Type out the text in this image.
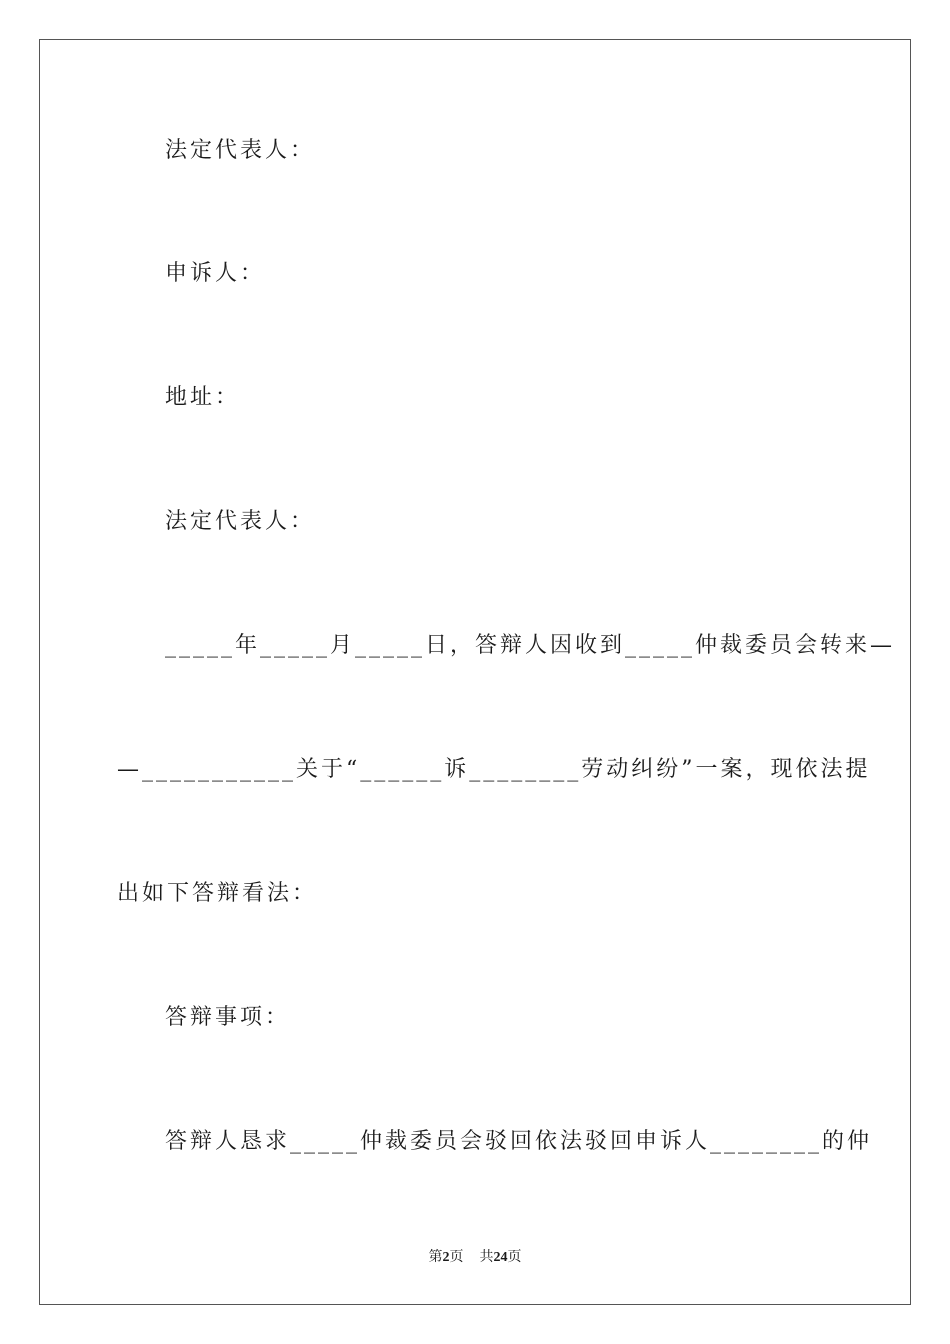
法定代表人：
申诉人：
地址：
法定代表人：
_____年_____月_____日，答辩人因收到_____仲裁委员会转来—
—___________关于“______诉________劳动纠纷”一案，现依法提
出如下答辩看法：
答辩事项：
答辩人恳求_____仲裁委员会驳回依法驳回申诉人________的仲
第2页 共24页
